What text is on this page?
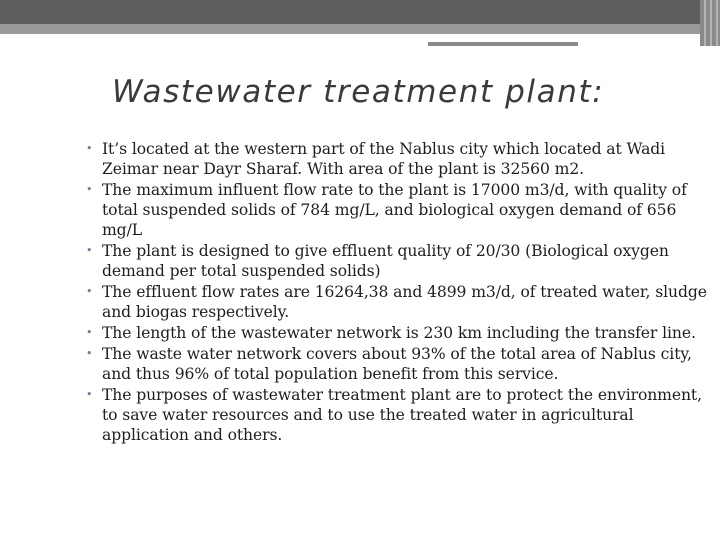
Wastewater treatment plant:
• It’s located at the western part of the Nablus city which located at Wadi Zeimar near Dayr Sharaf. With area of the plant is 32560 m2.
• The maximum influent flow rate to the plant is 17000 m3/d, with quality of total suspended solids of 784 mg/L, and biological oxygen demand of 656 mg/L
• The plant is designed to give effluent quality of 20/30 (Biological oxygen demand per total suspended solids)
• The effluent flow rates are 16264,38 and 4899 m3/d, of treated water, sludge and biogas respectively.
• The length of the wastewater network is 230 km including the transfer line.
• The waste water network covers about 93% of the total area of Nablus city, and thus 96% of total population benefit from this service.
• The purposes of wastewater treatment plant are to protect the environment, to save water resources and to use the treated water in agricultural application and others.
